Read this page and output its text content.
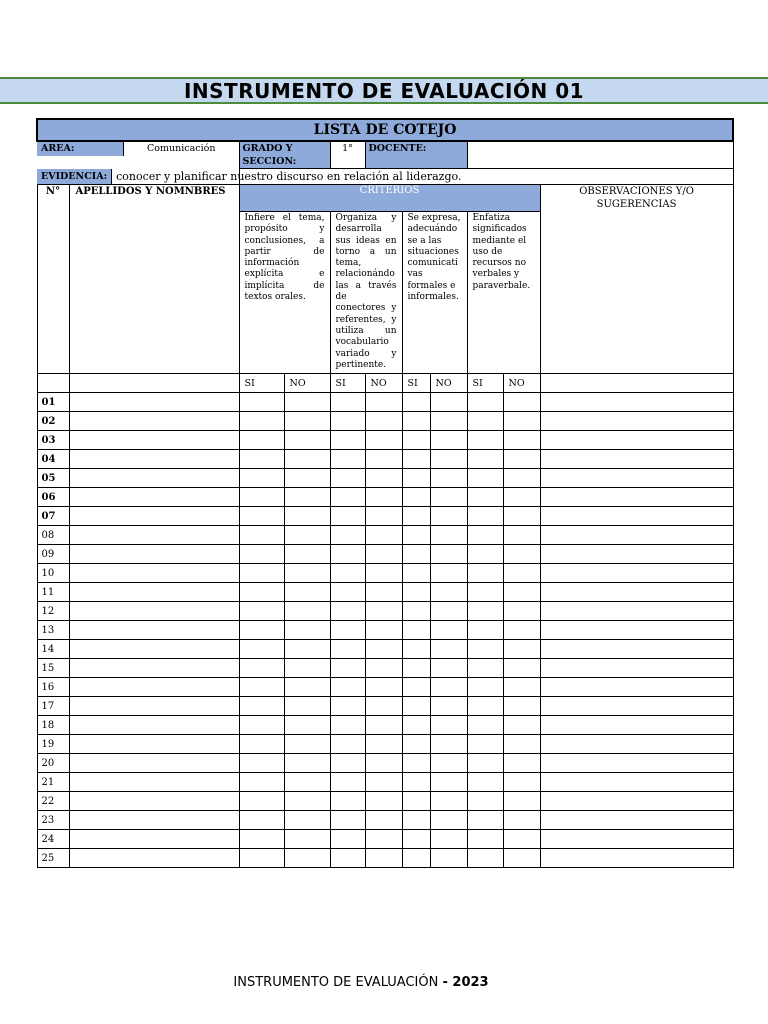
INSTRUMENTO DE EVALUACIÓN 01
LISTA DE COTEJO										

AREA: Comunicación		GRADO Y SECCION:		1°	DOCENTE:					

EVIDENCIA: conocer y planificar nuestro discurso en relación al liderazgo.										

N°	APELLIDOS Y NOMNBRES	CRITERIOS								OBSERVACIONES Y/O SUGERENCIAS
		Infiere el tema, propósito y conclusiones, a partir de información explícita e implícita de textos orales.		Organiza y desarrolla sus ideas en torno a un tema, relacionándo las a través de conectores y referentes, y utiliza un vocabulario variado y pertinente.		Se expresa, adecuándo se a las situaciones comunicati vas formales e informales.		Enfatiza significados mediante el uso de recursos no verbales y paraverbale.		
		SI	NO	SI	NO	SI	NO	SI	NO	
01										
02										
03										
04										
05										
06										
07										
08										
09										
10										
11										
12										
13										
14										
15										
16										
17										
18										
19										
20										
21										
22										
23										
24										
25										
INSTRUMENTO DE EVALUACIÓN - 2023
